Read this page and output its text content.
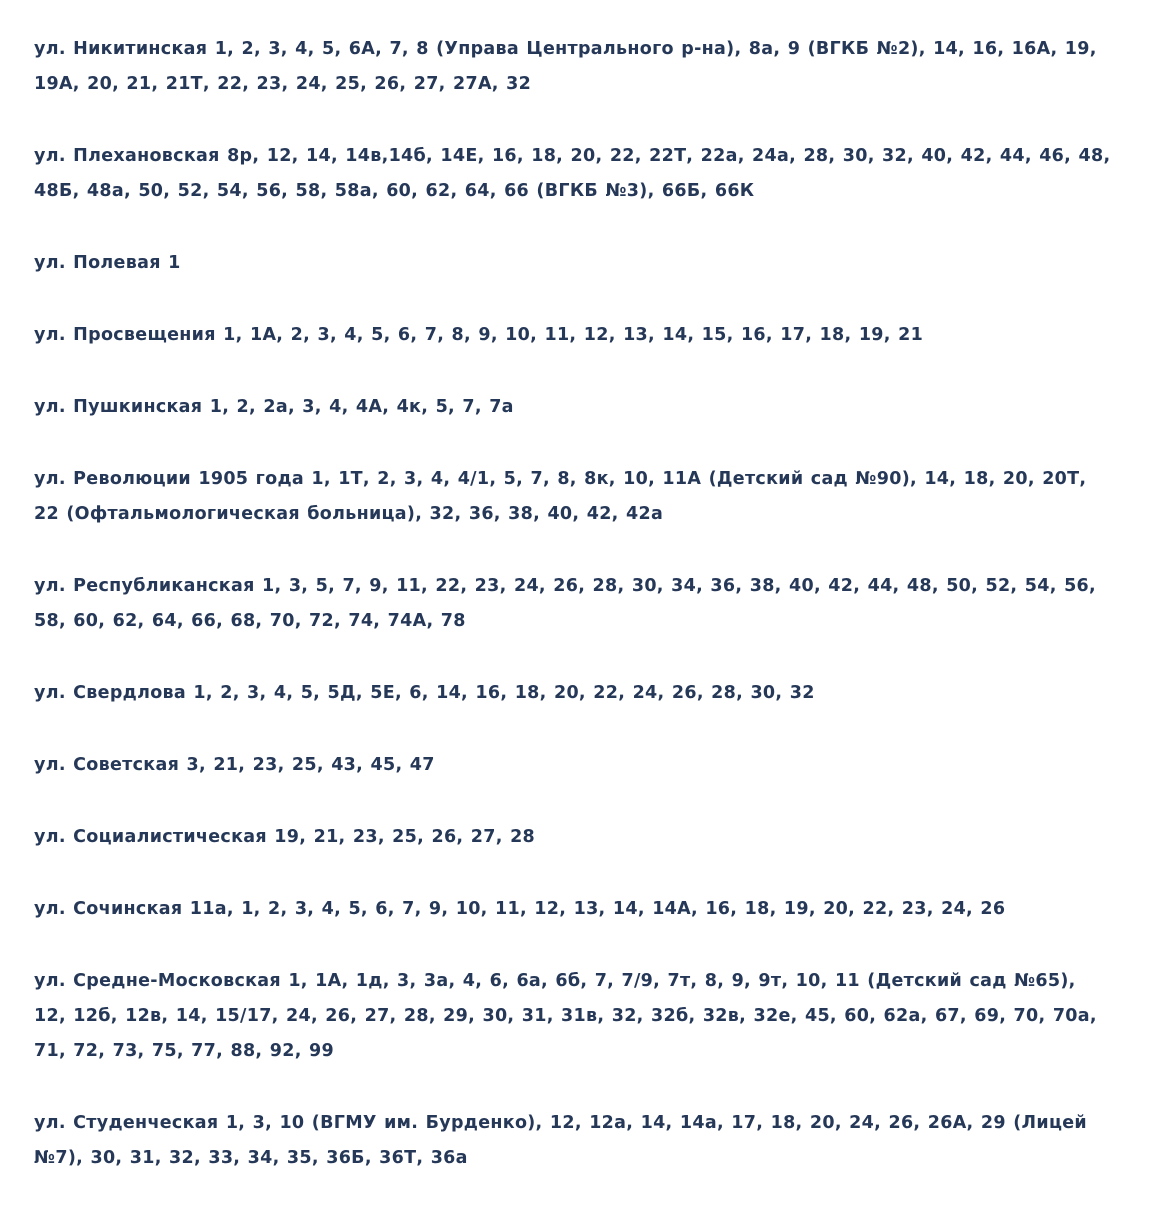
ул. Никитинская 1, 2, 3, 4, 5, 6А, 7, 8 (Управа Центрального р-на), 8а, 9 (ВГКБ №2), 14, 16, 16А, 19, 19А, 20, 21, 21Т, 22, 23, 24, 25, 26, 27, 27А, 32

ул. Плехановская 8р, 12, 14, 14в,14б, 14Е, 16, 18, 20, 22, 22Т, 22а, 24а, 28, 30, 32, 40, 42, 44, 46, 48, 48Б, 48а, 50, 52, 54, 56, 58, 58а, 60, 62, 64, 66 (ВГКБ №3), 66Б, 66К

ул. Полевая 1

ул. Просвещения 1, 1А, 2, 3, 4, 5, 6, 7, 8, 9, 10, 11, 12, 13, 14, 15, 16, 17, 18, 19, 21

ул. Пушкинская 1, 2, 2а, 3, 4, 4А, 4к, 5, 7, 7а

ул. Революции 1905 года 1, 1Т, 2, 3, 4, 4/1, 5, 7, 8, 8к, 10, 11А (Детский сад №90), 14, 18, 20, 20Т, 22 (Офтальмологическая больница), 32, 36, 38, 40, 42, 42а

ул. Республиканская 1, 3, 5, 7, 9, 11, 22, 23, 24, 26, 28, 30, 34, 36, 38, 40, 42, 44, 48, 50, 52, 54, 56, 58, 60, 62, 64, 66, 68, 70, 72, 74, 74А, 78

ул. Свердлова 1, 2, 3, 4, 5, 5Д, 5Е, 6, 14, 16, 18, 20, 22, 24, 26, 28, 30, 32

ул. Советская 3, 21, 23, 25, 43, 45, 47

ул. Социалистическая 19, 21, 23, 25, 26, 27, 28

ул. Сочинская 11а, 1, 2, 3, 4, 5, 6, 7, 9, 10, 11, 12, 13, 14, 14А, 16, 18, 19, 20, 22, 23, 24, 26

ул. Средне-Московская 1, 1А, 1д, 3, 3а, 4, 6, 6а, 6б, 7, 7/9, 7т, 8, 9, 9т, 10, 11 (Детский сад №65), 12, 12б, 12в, 14, 15/17, 24, 26, 27, 28, 29, 30, 31, 31в, 32, 32б, 32в, 32е, 45, 60, 62а, 67, 69, 70, 70а, 71, 72, 73, 75, 77, 88, 92, 99

ул. Студенческая 1, 3, 10 (ВГМУ им. Бурденко), 12, 12а, 14, 14а, 17, 18, 20, 24, 26, 26А, 29 (Лицей №7), 30, 31, 32, 33, 34, 35, 36Б, 36Т, 36а
